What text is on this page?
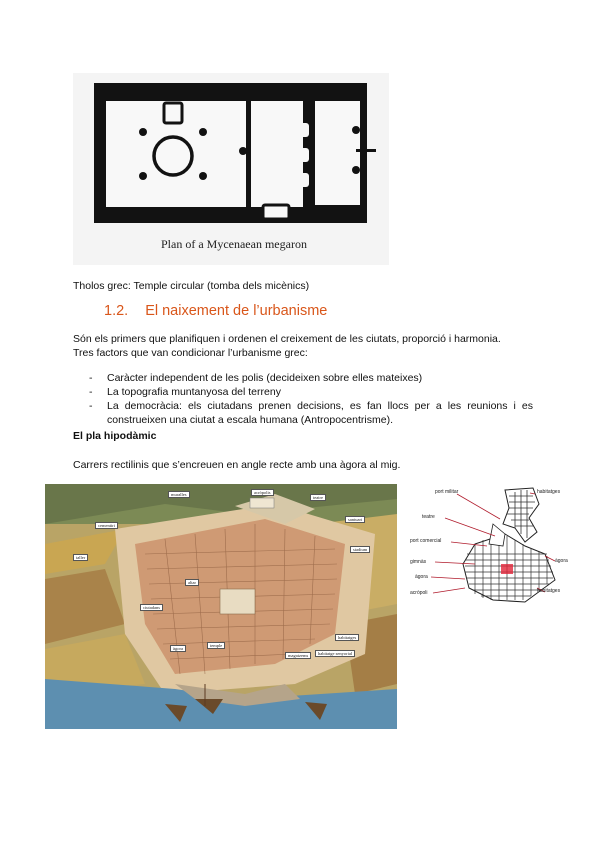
Plan of a Mycenaean megaron
Tholos grec: Temple circular (tomba dels micènics)
1.2. El naixement de l’urbanisme
Són els primers que planifiquen i ordenen el creixement de les ciutats, proporció i harmonia.
Tres factors que van condicionar l’urbanisme grec:
- Caràcter independent de les polis (decideixen sobre elles mateixes)
- La topografia muntanyosa del terreny
- La democràcia: els ciutadans prenen decisions, es fan llocs per a les reunions i es construeixen una ciutat a escala humana (Antropocentrisme).
El pla hipodàmic
Carrers rectilinis que s’encreuen en angle recte amb una àgora al mig.
muralles	acròpolis
teatre
cementiri
santuari
taller
stadium
àgora
temple
magatzems
altar
ciutadans
habitatges
habitatge senyorial
port militar	habitatges
teatre
port comercial
gimnàs
àgora
acròpoli	habitatges
àgora
